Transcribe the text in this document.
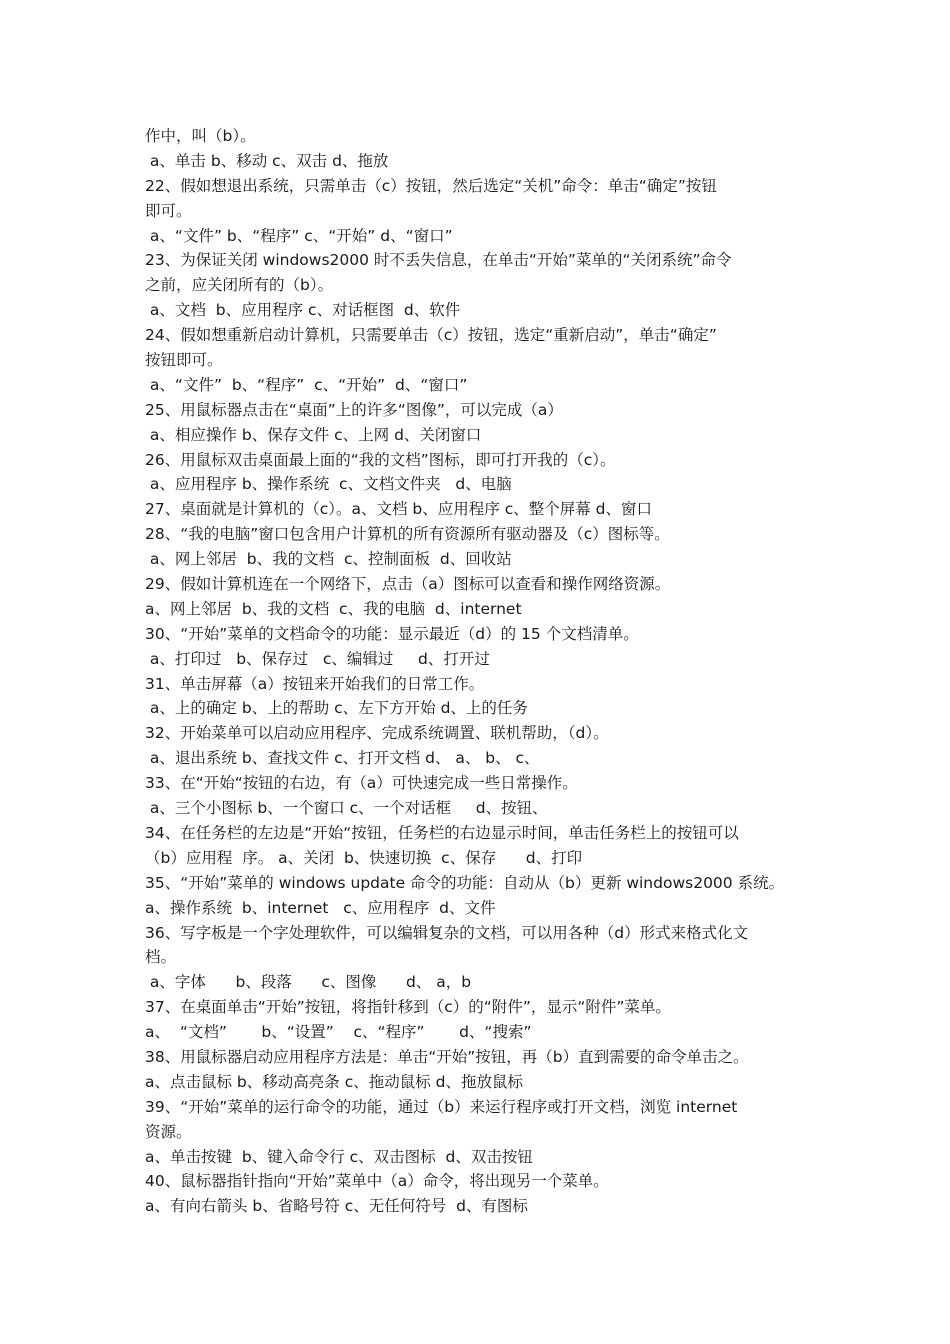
作中，叫（b）。
a、单击 b、移动 c、双击 d、拖放
22、假如想退出系统，只需单击（c）按钮，然后选定“关机”命令：单击“确定”按钮
即可。
a、“文件” b、“程序” c、“开始” d、“窗口”
23、为保证关闭 windows2000 时不丢失信息，在单击“开始”菜单的“关闭系统”命令
之前，应关闭所有的（b）。
a、文档  b、应用程序 c、对话框图  d、软件
24、假如想重新启动计算机，只需要单击（c）按钮，选定“重新启动”，单击“确定”
按钮即可。
a、“文件”  b、“程序”  c、“开始”  d、“窗口”
25、用鼠标器点击在“桌面”上的许多“图像”，可以完成（a）
a、相应操作 b、保存文件 c、上网 d、关闭窗口
26、用鼠标双击桌面最上面的“我的文档”图标，即可打开我的（c）。
a、应用程序 b、操作系统  c、文档文件夹   d、电脑
27、桌面就是计算机的（c）。a、文档 b、应用程序 c、整个屏幕 d、窗口
28、“我的电脑”窗口包含用户计算机的所有资源所有驱动器及（c）图标等。
a、网上邻居  b、我的文档  c、控制面板  d、回收站
29、假如计算机连在一个网络下，点击（a）图标可以查看和操作网络资源。
a、网上邻居  b、我的文档  c、我的电脑  d、internet
30、“开始”菜单的文档命令的功能：显示最近（d）的 15 个文档清单。
a、打印过   b、保存过   c、编辑过     d、打开过
31、单击屏幕（a）按钮来开始我们的日常工作。
a、上的确定 b、上的帮助 c、左下方开始 d、上的任务
32、开始菜单可以启动应用程序、完成系统调置、联机帮助，（d）。
a、退出系统 b、查找文件 c、打开文档 d、 a、 b、 c、
33、在“开始“按钮的右边，有（a）可快速完成一些日常操作。
a、三个小图标 b、一个窗口 c、一个对话框     d、按钮、
34、在任务栏的左边是“开始“按钮，任务栏的右边显示时间，单击任务栏上的按钮可以
（b）应用程  序。 a、关闭  b、快速切换  c、保存      d、打印
35、“开始”菜单的 windows update 命令的功能：自动从（b）更新 windows2000 系统。
a、操作系统  b、internet   c、应用程序  d、文件
36、写字板是一个字处理软件，可以编辑复杂的文档，可以用各种（d）形式来格式化文
档。
a、字体      b、段落      c、图像      d、 a，b
37、在桌面单击“开始”按钮，将指针移到（c）的“附件”，显示“附件”菜单。
a、  “文档”       b、“设置”    c、“程序”       d、“搜索”
38、用鼠标器启动应用程序方法是：单击“开始”按钮，再（b）直到需要的命令单击之。
a、点击鼠标 b、移动高亮条 c、拖动鼠标 d、拖放鼠标
39、“开始”菜单的运行命令的功能，通过（b）来运行程序或打开文档，浏览 internet
资源。
a、单击按键  b、键入命令行 c、双击图标  d、双击按钮
40、鼠标器指针指向“开始”菜单中（a）命令，将出现另一个菜单。
a、有向右箭头 b、省略号符 c、无任何符号  d、有图标
